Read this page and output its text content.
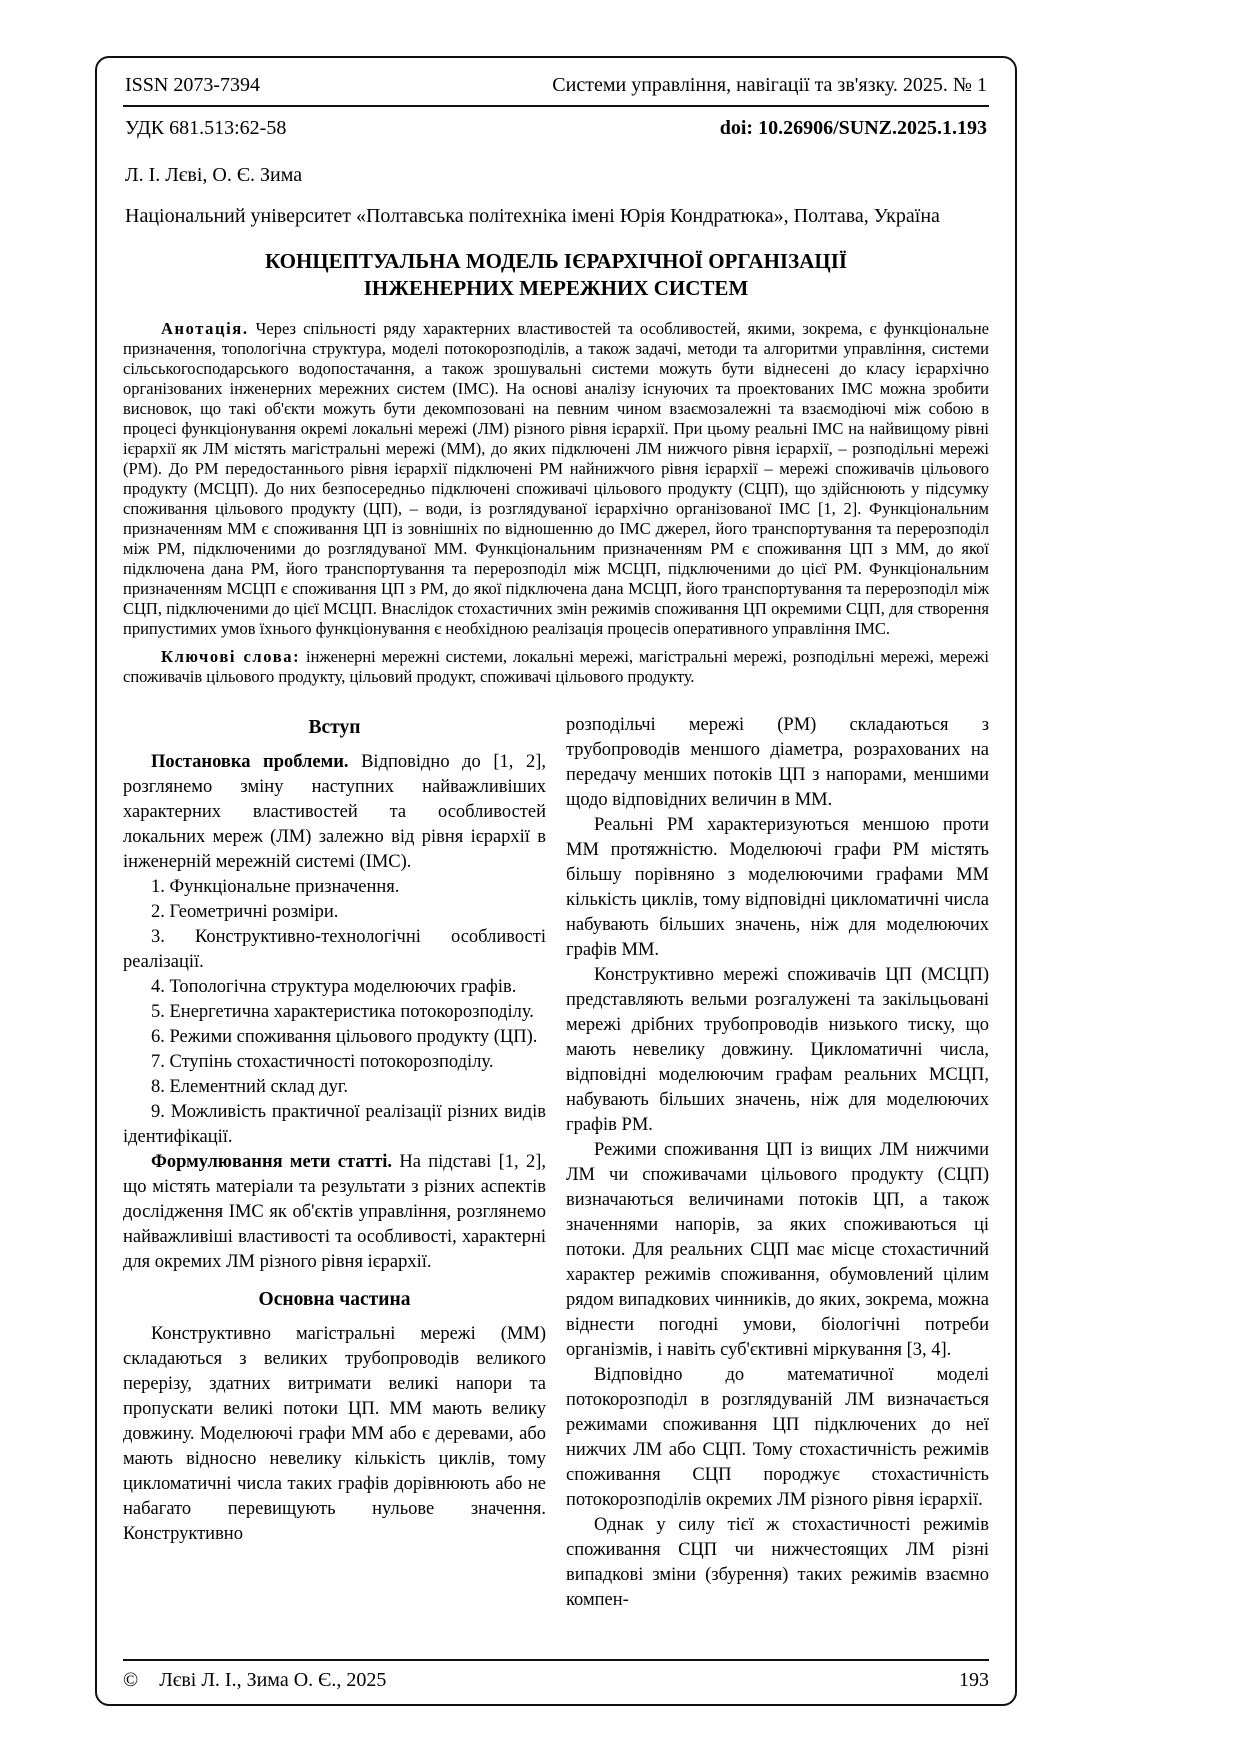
ISSN 2073-7394	Системи управління, навігації та зв'язку. 2025. № 1
УДК 681.513:62-58	doi: 10.26906/SUNZ.2025.1.193
Л. І. Лєві, О. Є. Зима
Національний університет «Полтавська політехніка імені Юрія Кондратюка», Полтава, Україна
КОНЦЕПТУАЛЬНА МОДЕЛЬ ІЄРАРХІЧНОЇ ОРГАНІЗАЦІЇ
ІНЖЕНЕРНИХ МЕРЕЖНИХ СИСТЕМ

Анотація. Через спільності ряду характерних властивостей та особливостей, якими, зокрема, є функціональне призначення, топологічна структура, моделі потокорозподілів, а також задачі, методи та алгоритми управління, системи сільськогосподарського водопостачання, а також зрошувальні системи можуть бути віднесені до класу ієрархічно організованих інженерних мережних систем (ІМС). На основі аналізу існуючих та проектованих ІМС можна зробити висновок, що такі об'єкти можуть бути декомпозовані на певним чином взаємозалежні та взаємодіючі між собою в процесі функціонування окремі локальні мережі (ЛМ) різного рівня ієрархії. При цьому реальні ІМС на найвищому рівні ієрархії як ЛМ містять магістральні мережі (ММ), до яких підключені ЛМ нижчого рівня ієрархії, – розподільні мережі (РМ). До РМ передостаннього рівня ієрархії підключені РМ найнижчого рівня ієрархії – мережі споживачів цільового продукту (МСЦП). До них безпосередньо підключені споживачі цільового продукту (СЦП), що здійснюють у підсумку споживання цільового продукту (ЦП), – води, із розглядуваної ієрархічно організованої ІМС [1, 2]. Функціональним призначенням ММ є споживання ЦП із зовнішніх по відношенню до ІМС джерел, його транспортування та перерозподіл між РМ, підключеними до розглядуваної ММ. Функціональним призначенням РМ є споживання ЦП з ММ, до якої підключена дана РМ, його транспортування та перерозподіл між МСЦП, підключеними до цієї РМ. Функціональним призначенням МСЦП є споживання ЦП з РМ, до якої підключена дана МСЦП, його транспортування та перерозподіл між СЦП, підключеними до цієї МСЦП. Внаслідок стохастичних змін режимів споживання ЦП окремими СЦП, для створення припустимих умов їхнього функціонування є необхідною реалізація процесів оперативного управління ІМС.

Ключові слова: інженерні мережні системи, локальні мережі, магістральні мережі, розподільні мережі, мережі споживачів цільового продукту, цільовий продукт, споживачі цільового продукту.

Вступ

Постановка проблеми. Відповідно до [1, 2], розглянемо зміну наступних найважливіших характерних властивостей та особливостей локальних мереж (ЛМ) залежно від рівня ієрархії в інженерній мережній системі (ІМС).

1. Функціональне призначення.

2. Геометричні розміри.

3. Конструктивно-технологічні особливості реалізації.

4. Топологічна структура моделюючих графів.

5. Енергетична характеристика потокорозподілу.

6. Режими споживання цільового продукту (ЦП).

7. Ступінь стохастичності потокорозподілу.

8. Елементний склад дуг.

9. Можливість практичної реалізації різних видів ідентифікації.

Формулювання мети статті. На підставі [1, 2], що містять матеріали та результати з різних аспектів дослідження ІМС як об'єктів управління, розглянемо найважливіші властивості та особливості, характерні для окремих ЛМ різного рівня ієрархії.

Основна частина

Конструктивно магістральні мережі (ММ) складаються з великих трубопроводів великого перерізу, здатних витримати великі напори та пропускати великі потоки ЦП. ММ мають велику довжину. Моделюючі графи ММ або є деревами, або мають відносно невелику кількість циклів, тому цикломатичні числа таких графів дорівнюють або не набагато перевищують нульове значення. Конструктивно

розподільчі мережі (РМ) складаються з трубопроводів меншого діаметра, розрахованих на передачу менших потоків ЦП з напорами, меншими щодо відповідних величин в ММ.

Реальні РМ характеризуються меншою проти ММ протяжністю. Моделюючі графи РМ містять більшу порівняно з моделюючими графами ММ кількість циклів, тому відповідні цикломатичні числа набувають більших значень, ніж для моделюючих графів ММ.

Конструктивно мережі споживачів ЦП (МСЦП) представляють вельми розгалужені та закільцьовані мережі дрібних трубопроводів низького тиску, що мають невелику довжину. Цикломатичні числа, відповідні моделюючим графам реальних МСЦП, набувають більших значень, ніж для моделюючих графів РМ.

Режими споживання ЦП із вищих ЛМ нижчими ЛМ чи споживачами цільового продукту (СЦП) визначаються величинами потоків ЦП, а також значеннями напорів, за яких споживаються ці потоки. Для реальних СЦП має місце стохастичний характер режимів споживання, обумовлений цілим рядом випадкових чинників, до яких, зокрема, можна віднести погодні умови, біологічні потреби організмів, і навіть суб'єктивні міркування [3, 4].

Відповідно до математичної моделі потокорозподіл в розглядуваній ЛМ визначається режимами споживання ЦП підключених до неї нижчих ЛМ або СЦП. Тому стохастичність режимів споживання СЦП породжує стохастичність потокорозподілів окремих ЛМ різного рівня ієрархії.

Однак у силу тієї ж стохастичності режимів споживання СЦП чи нижчестоящих ЛМ різні випадкові зміни (збурення) таких режимів взаємно компен-

© Лєві Л. І., Зима О. Є., 2025	193
